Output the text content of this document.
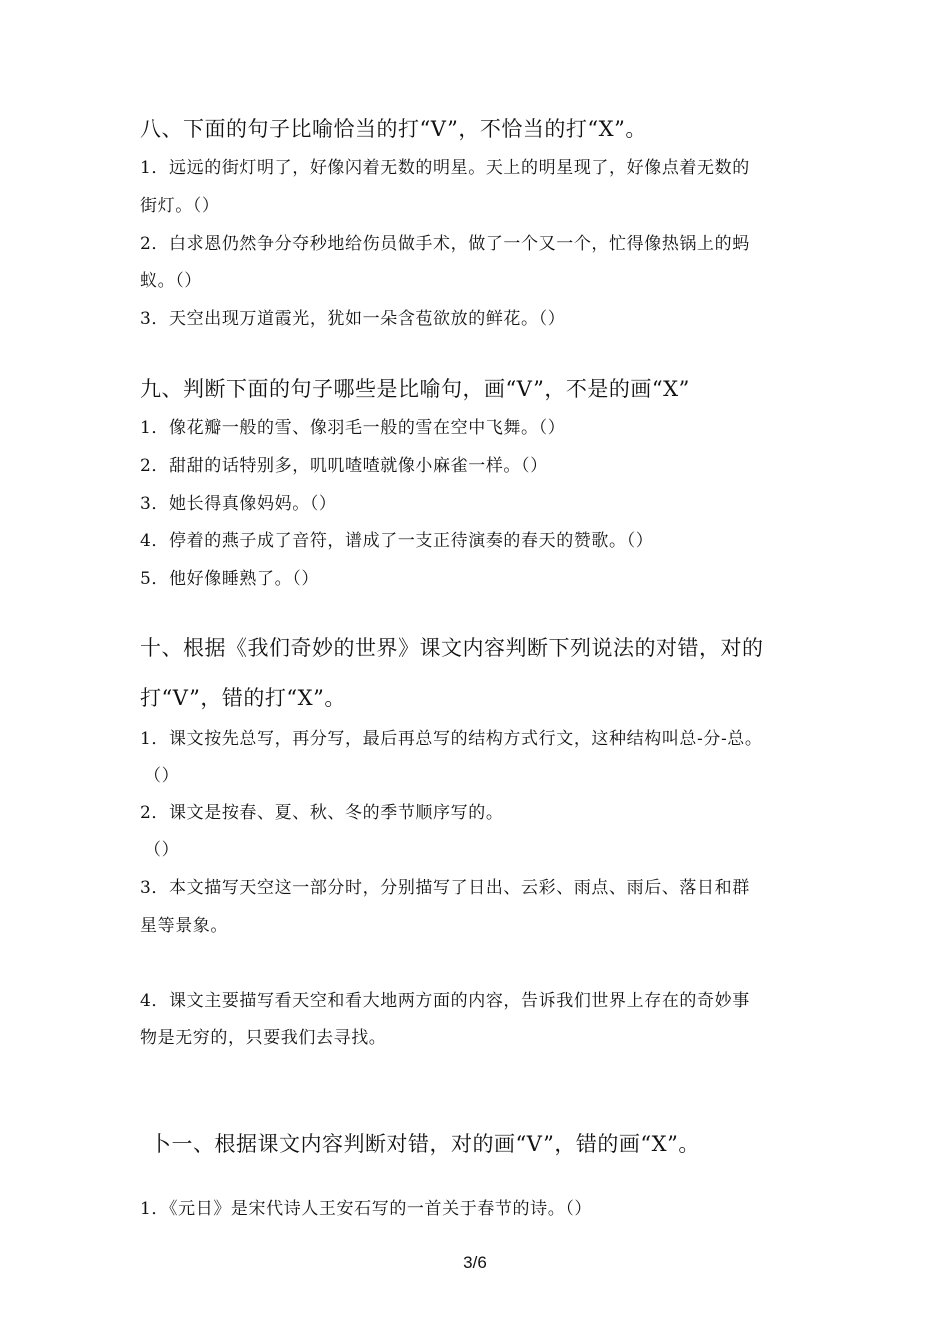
八、下面的句子比喻恰当的打“V”，不恰当的打“X”。
1．远远的街灯明了，好像闪着无数的明星。天上的明星现了，好像点着无数的
街灯。（）
2．白求恩仍然争分夺秒地给伤员做手术，做了一个又一个，忙得像热锅上的蚂
蚁。（）
3．天空出现万道霞光，犹如一朵含苞欲放的鲜花。（）
九、判断下面的句子哪些是比喻句，画“V”，不是的画“X”
1．像花瓣一般的雪、像羽毛一般的雪在空中飞舞。（）
2．甜甜的话特别多，叽叽喳喳就像小麻雀一样。（）
3．她长得真像妈妈。（）
4．停着的燕子成了音符，谱成了一支正待演奏的春天的赞歌。（）
5．他好像睡熟了。（）
十、根据《我们奇妙的世界》课文内容判断下列说法的对错，对的
打“V”，错的打“X”。
1．课文按先总写，再分写，最后再总写的结构方式行文，这种结构叫总-分-总。
（）
2．课文是按春、夏、秋、冬的季节顺序写的。
（）
3．本文描写天空这一部分时，分别描写了日出、云彩、雨点、雨后、落日和群
星等景象。
4．课文主要描写看天空和看大地两方面的内容，告诉我们世界上存在的奇妙事
物是无穷的，只要我们去寻找。
卜一、根据课文内容判断对错，对的画“V”，错的画“X”。
1．《元日》是宋代诗人王安石写的一首关于春节的诗。（）
3/6
